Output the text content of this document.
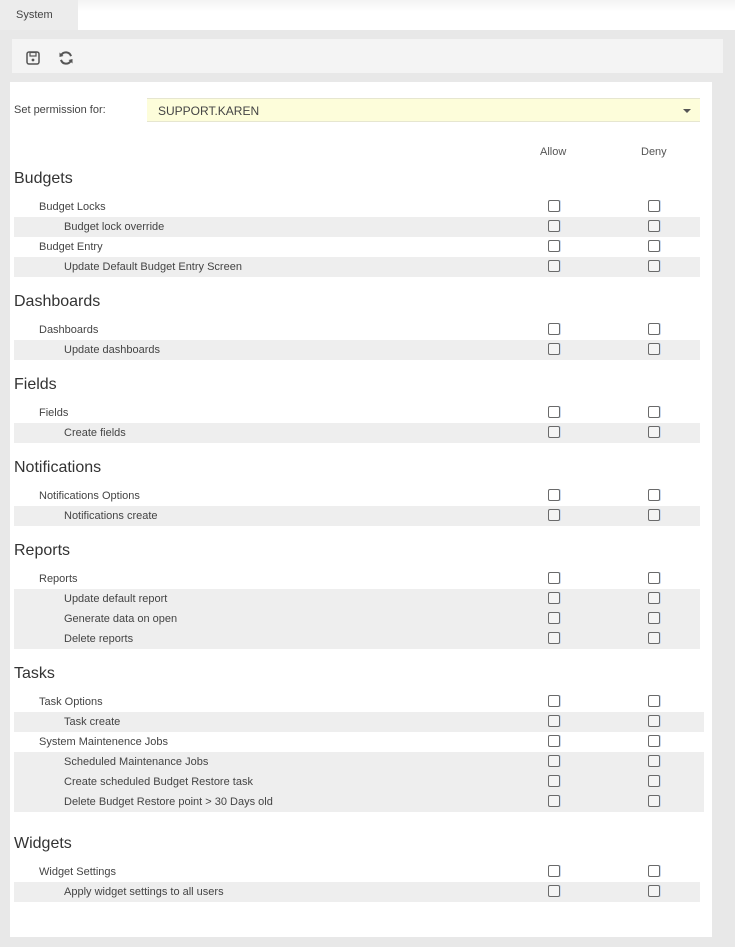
System
Set permission for:	SUPPORT.KAREN
Allow	Deny
Budgets
Budget Locks
Budget lock override
Budget Entry
Update Default Budget Entry Screen
Dashboards
Dashboards
Update dashboards
Fields
Fields
Create fields
Notifications
Notifications Options
Notifications create
Reports
Reports
Update default report
Generate data on open
Delete reports
Tasks
Task Options
Task create
System Maintenence Jobs
Scheduled Maintenance Jobs
Create scheduled Budget Restore task
Delete Budget Restore point > 30 Days old
Widgets
Widget Settings
Apply widget settings to all users
